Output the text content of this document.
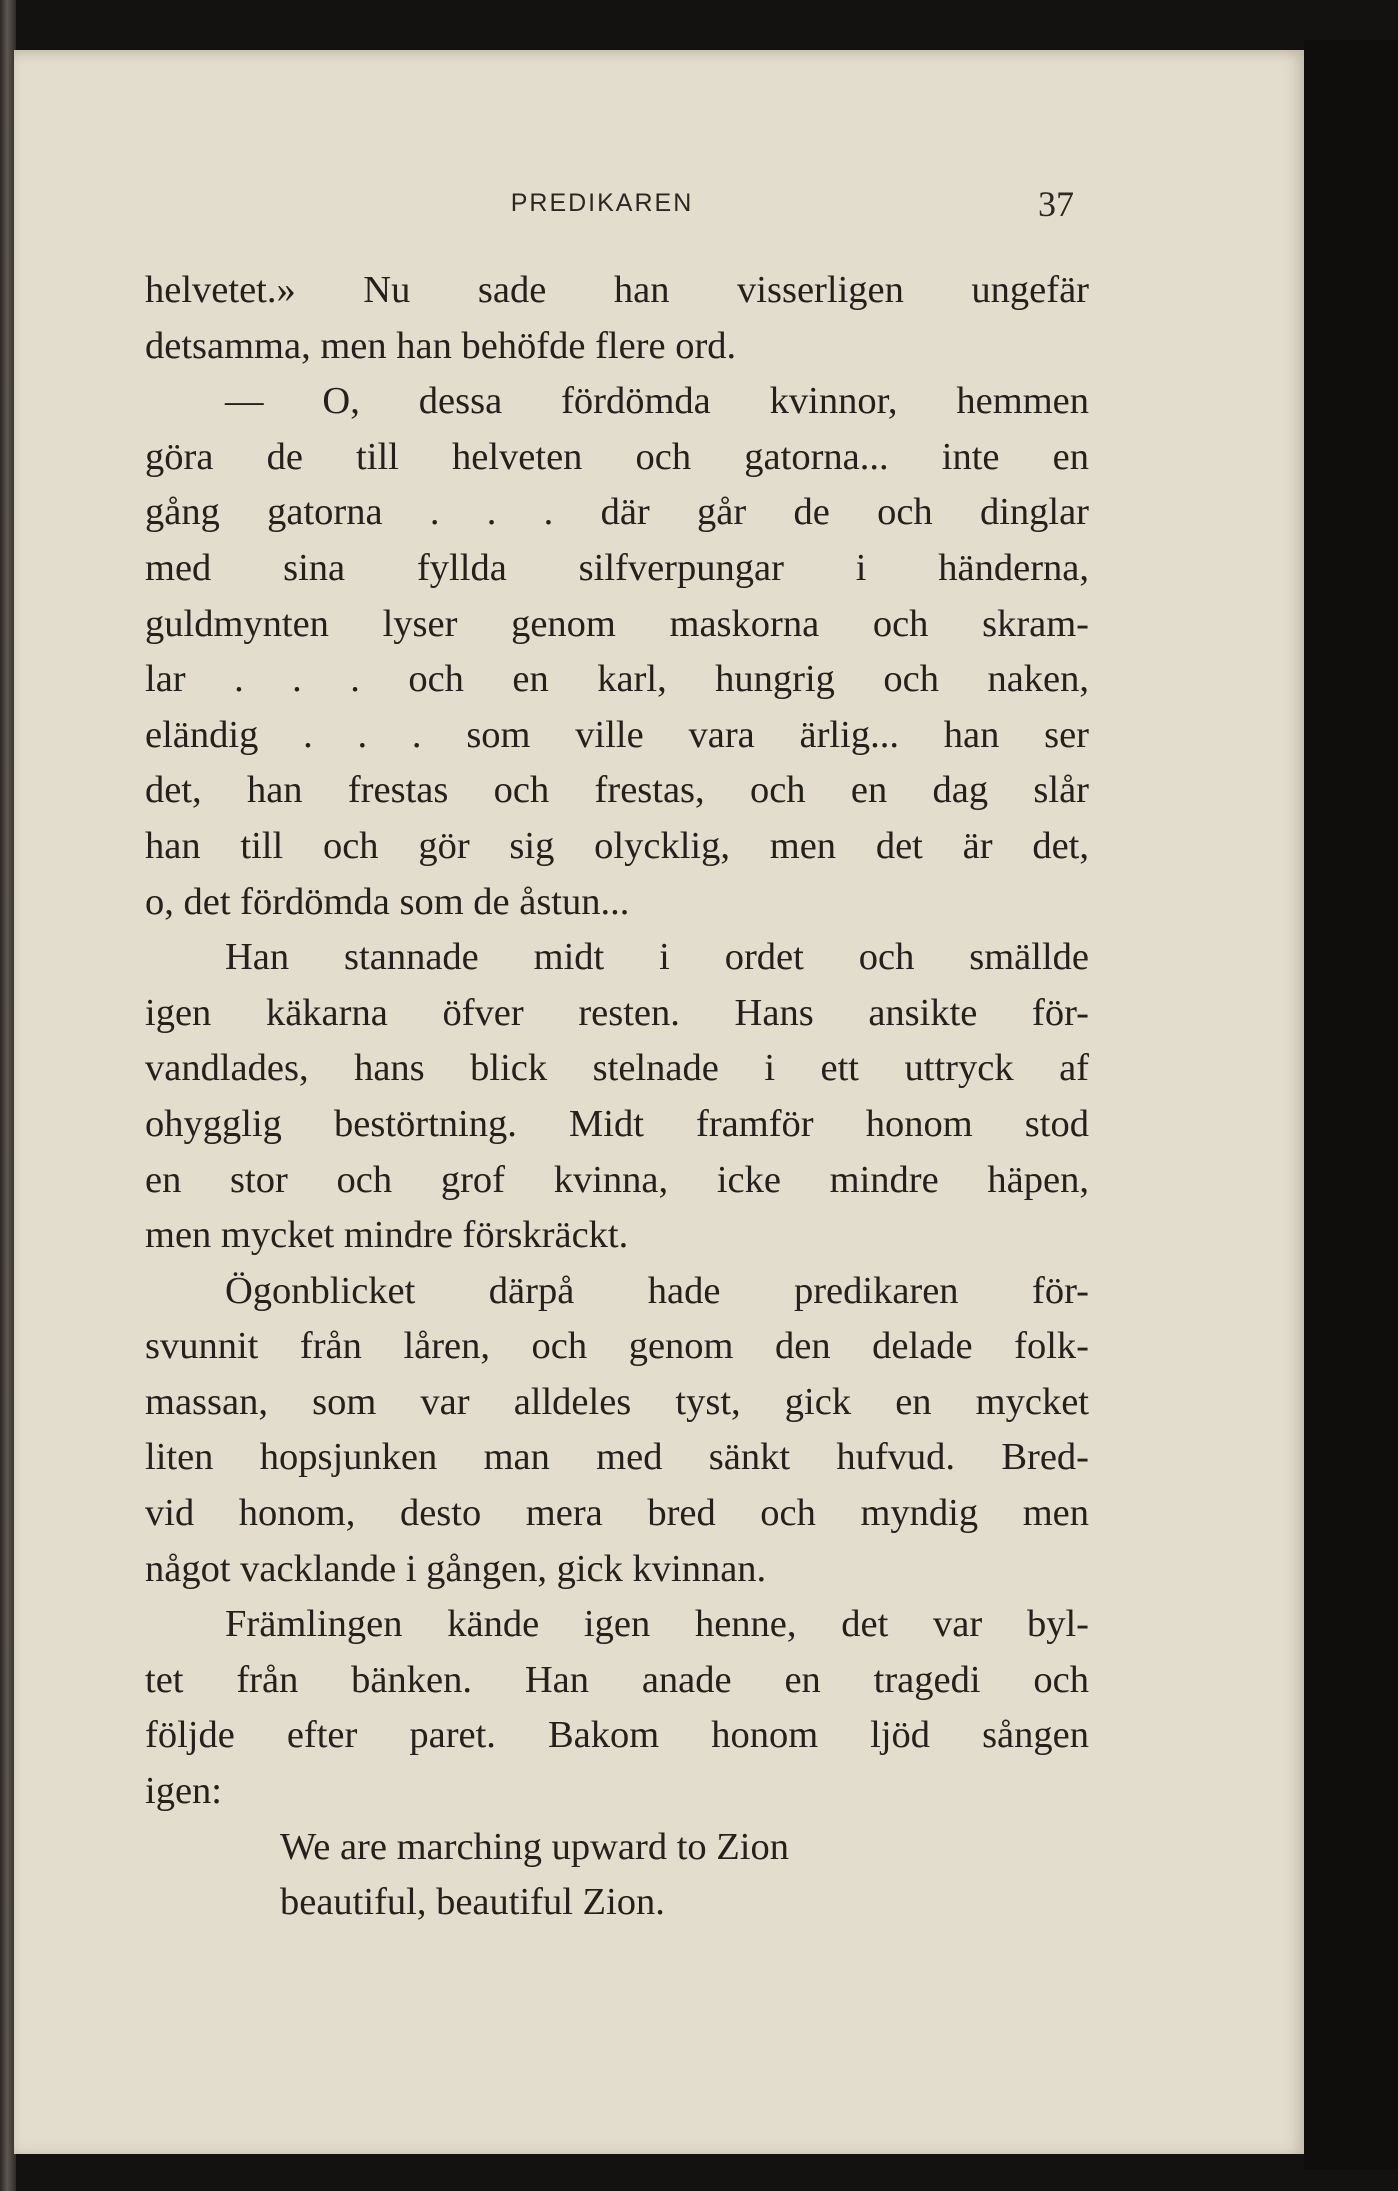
PREDIKAREN	37
helvetet.» Nu sade han visserligen ungefär
detsamma, men han behöfde flere ord.
— O, dessa fördömda kvinnor, hemmen
göra de till helveten och gatorna... inte en
gång gatorna . . . där går de och dinglar
med sina fyllda silfverpungar i händerna,
guldmynten lyser genom maskorna och skram-
lar . . . och en karl, hungrig och naken,
eländig . . . som ville vara ärlig... han ser
det, han frestas och frestas, och en dag slår
han till och gör sig olycklig, men det är det,
o, det fördömda som de åstun...
Han stannade midt i ordet och smällde
igen käkarna öfver resten. Hans ansikte för-
vandlades, hans blick stelnade i ett uttryck af
ohygglig bestörtning. Midt framför honom stod
en stor och grof kvinna, icke mindre häpen,
men mycket mindre förskräckt.
Ögonblicket därpå hade predikaren för-
svunnit från låren, och genom den delade folk-
massan, som var alldeles tyst, gick en mycket
liten hopsjunken man med sänkt hufvud. Bred-
vid honom, desto mera bred och myndig men
något vacklande i gången, gick kvinnan.
Främlingen kände igen henne, det var byl-
tet från bänken. Han anade en tragedi och
följde efter paret. Bakom honom ljöd sången
igen:
We are marching upward to Zion
beautiful, beautiful Zion.
